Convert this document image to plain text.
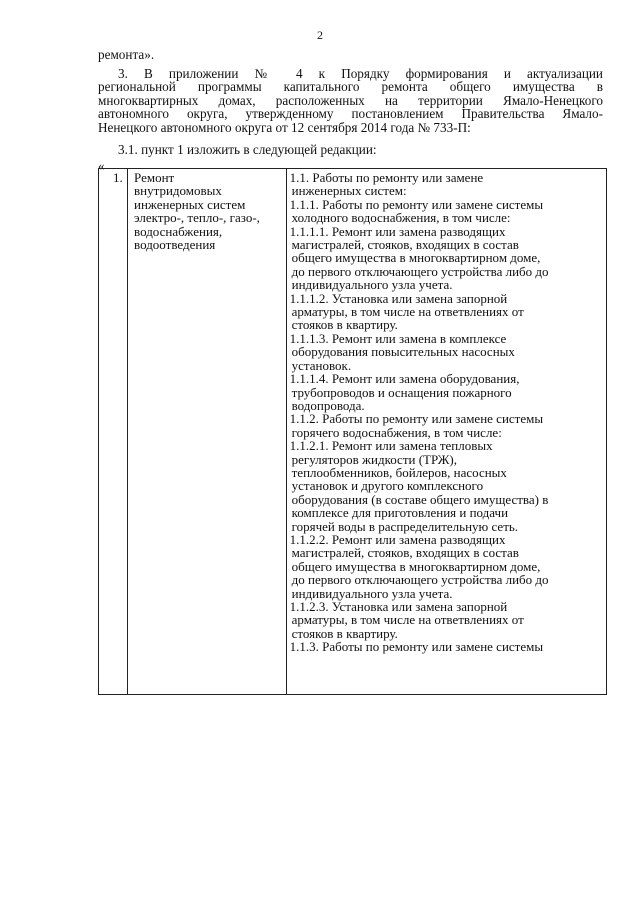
2
ремонта».
3. В приложении № 4 к Порядку формирования и актуализации
региональной программы капитального ремонта общего имущества в
многоквартирных домах, расположенных на территории Ямало-Ненецкого
автономного округа, утвержденному постановлением Правительства Ямало-
Ненецкого автономного округа от 12 сентября 2014 года № 733-П:
3.1. пункт 1 изложить в следующей редакции:
«
1.	Ремонт
внутридомовых
инженерных систем
электро-, тепло-, газо-,
водоснабжения,
водоотведения

1.1. Работы по ремонту или замене
инженерных систем:
1.1.1. Работы по ремонту или замене системы
холодного водоснабжения, в том числе:
1.1.1.1. Ремонт или замена разводящих
магистралей, стояков, входящих в состав
общего имущества в многоквартирном доме,
до первого отключающего устройства либо до
индивидуального узла учета.
1.1.1.2. Установка или замена запорной
арматуры, в том числе на ответвлениях от
стояков в квартиру.
1.1.1.3. Ремонт или замена в комплексе
оборудования повысительных насосных
установок.
1.1.1.4. Ремонт или замена оборудования,
трубопроводов и оснащения пожарного
водопровода.
1.1.2. Работы по ремонту или замене системы
горячего водоснабжения, в том числе:
1.1.2.1. Ремонт или замена тепловых
регуляторов жидкости (ТРЖ),
теплообменников, бойлеров, насосных
установок и другого комплексного
оборудования (в составе общего имущества) в
комплексе для приготовления и подачи
горячей воды в распределительную сеть.
1.1.2.2. Ремонт или замена разводящих
магистралей, стояков, входящих в состав
общего имущества в многоквартирном доме,
до первого отключающего устройства либо до
индивидуального узла учета.
1.1.2.3. Установка или замена запорной
арматуры, в том числе на ответвлениях от
стояков в квартиру.
1.1.3. Работы по ремонту или замене системы
